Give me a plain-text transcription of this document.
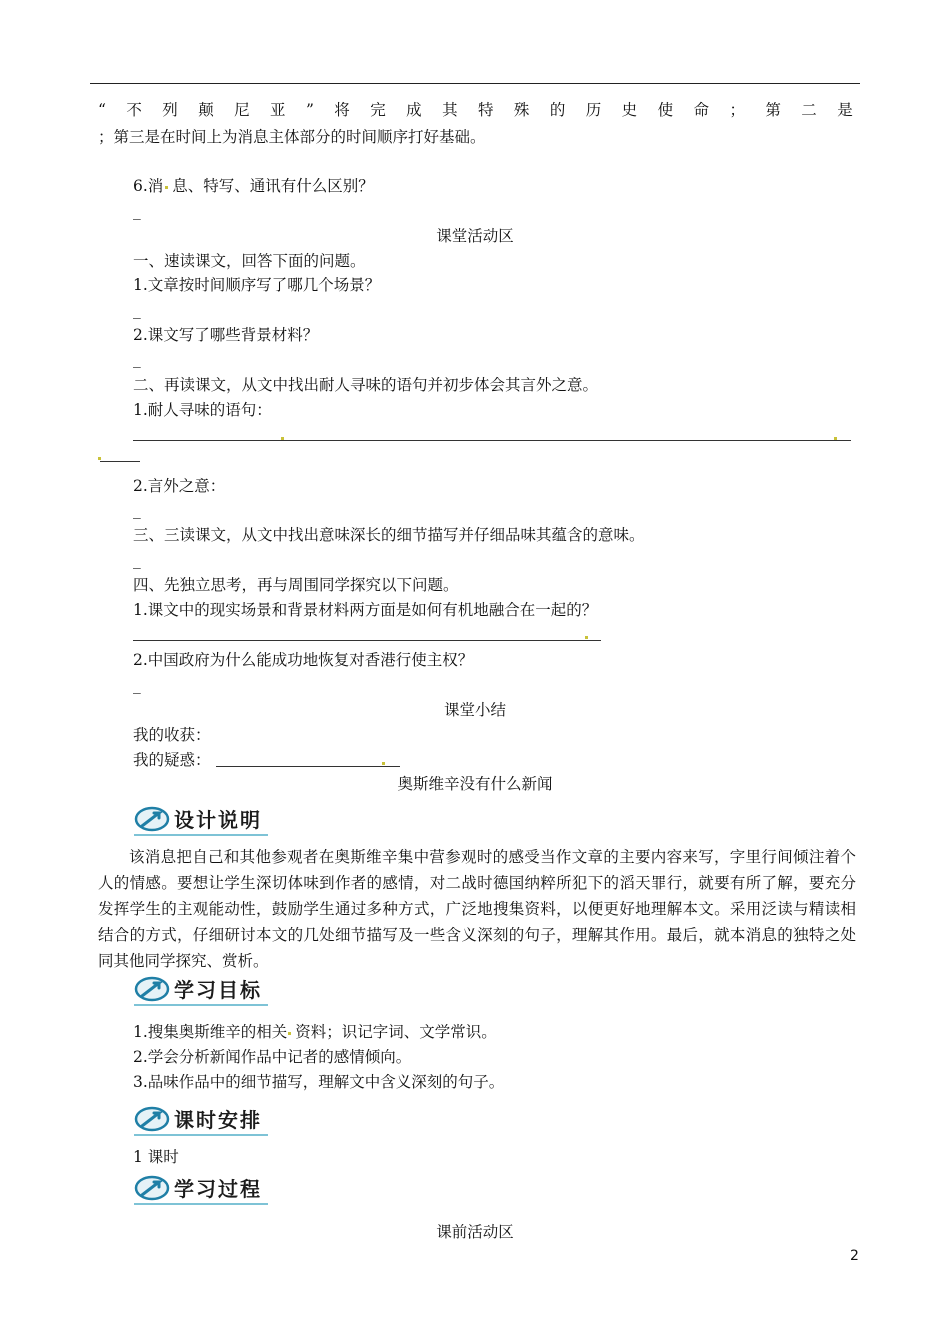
“ 不 列 颠 尼 亚 ” 将 完 成 其 特 殊 的 历 史 使 命 ； 第 二 是
；第三是在时间上为消息主体部分的时间顺序打好基础。
6.消 息、特写、通讯有什么区别？
_
课堂活动区
一、速读课文，回答下面的问题。
1.文章按时间顺序写了哪几个场景？
_
2.课文写了哪些背景材料？
_
二、再读课文，从文中找出耐人寻味的语句并初步体会其言外之意。
1.耐人寻味的语句：
2.言外之意：
_
三、三读课文，从文中找出意味深长的细节描写并仔细品味其蕴含的意味。
_
四、先独立思考，再与周围同学探究以下问题。
1.课文中的现实场景和背景材料两方面是如何有机地融合在一起的？
2.中国政府为什么能成功地恢复对香港行使主权？
_
课堂小结
我的收获：
我的疑惑：
奥斯维辛没有什么新闻
设计说明
该消息把自己和其他参观者在奥斯维辛集中营参观时的感受当作文章的主要内容来写，字里行间倾注着个人的情感。要想让学生深切体味到作者的感情，对二战时德国纳粹所犯下的滔天罪行，就要有所了解，要充分发挥学生的主观能动性，鼓励学生通过多种方式，广泛地搜集资料，以便更好地理解本文。采用泛读与精读相结合的方式，仔细研讨本文的几处细节描写及一些含义深刻的句子，理解其作用。最后，就本消息的独特之处同其他同学探究、赏析。
学习目标
1.搜集奥斯维辛的相关 资料；识记字词、文学常识。
2.学会分析新闻作品中记者的感情倾向。
3.品味作品中的细节描写，理解文中含义深刻的句子。
课时安排
1 课时
学习过程
课前活动区
2
